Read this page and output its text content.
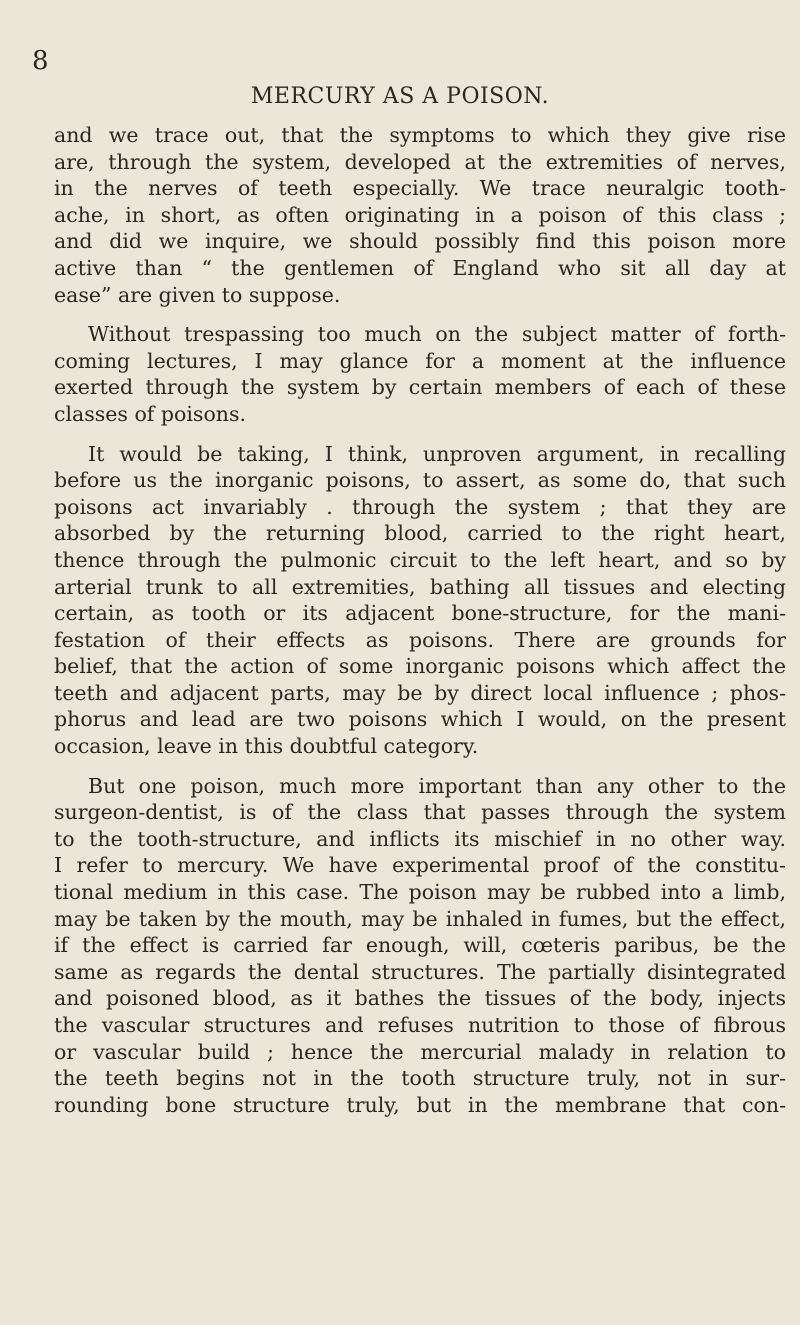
8
MERCURY AS A POISON.
and we trace out, that the symptoms to which they give rise
are, through the system, developed at the extremities of nerves,
in the nerves of teeth especially. We trace neuralgic tooth-
ache, in short, as often originating in a poison of this class ;
and did we inquire, we should possibly find this poison more
active than “ the gentlemen of England who sit all day at
ease” are given to suppose.
Without trespassing too much on the subject matter of forth-
coming lectures, I may glance for a moment at the influence
exerted through the system by certain members of each of these
classes of poisons.
It would be taking, I think, unproven argument, in recalling
before us the inorganic poisons, to assert, as some do, that such
poisons act invariably . through the system ; that they are
absorbed by the returning blood, carried to the right heart,
thence through the pulmonic circuit to the left heart, and so by
arterial trunk to all extremities, bathing all tissues and electing
certain, as tooth or its adjacent bone-structure, for the mani-
festation of their effects as poisons. There are grounds for
belief, that the action of some inorganic poisons which affect the
teeth and adjacent parts, may be by direct local influence ; phos-
phorus and lead are two poisons which I would, on the present
occasion, leave in this doubtful category.
But one poison, much more important than any other to the
surgeon-dentist, is of the class that passes through the system
to the tooth-structure, and inflicts its mischief in no other way.
I refer to mercury. We have experimental proof of the constitu-
tional medium in this case. The poison may be rubbed into a limb,
may be taken by the mouth, may be inhaled in fumes, but the effect,
if the effect is carried far enough, will, cœteris paribus, be the
same as regards the dental structures. The partially disintegrated
and poisoned blood, as it bathes the tissues of the body, injects
the vascular structures and refuses nutrition to those of fibrous
or vascular build ; hence the mercurial malady in relation to
the teeth begins not in the tooth structure truly, not in sur-
rounding bone structure truly, but in the membrane that con-
